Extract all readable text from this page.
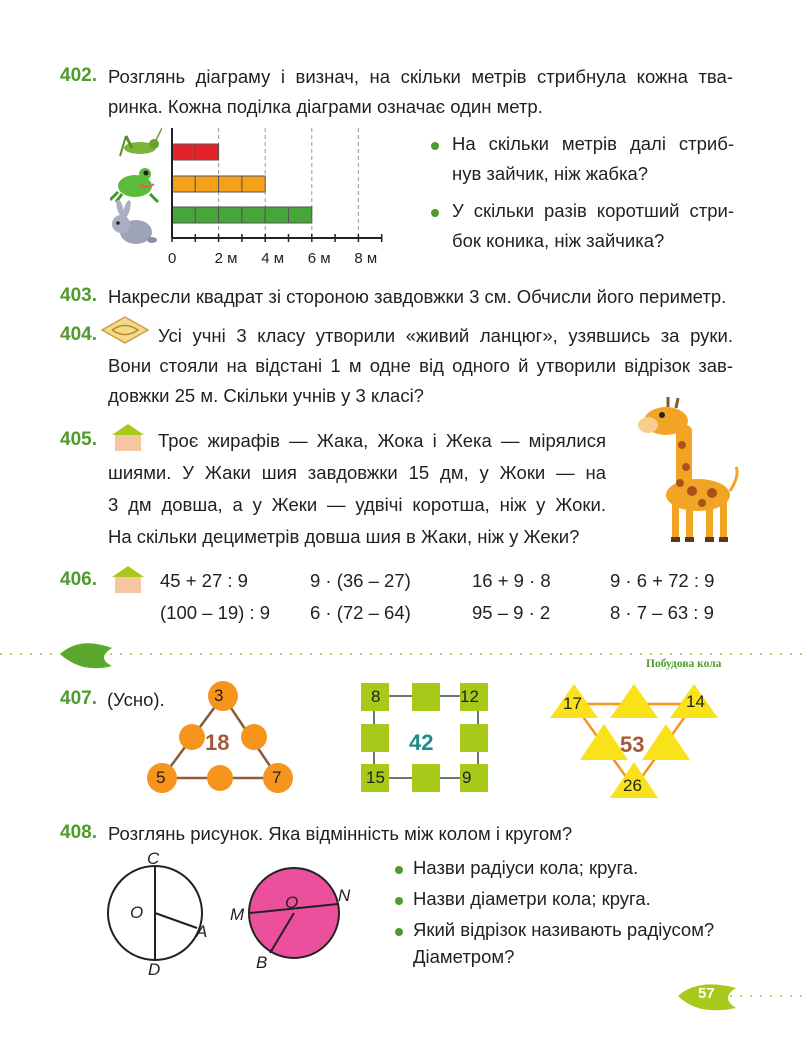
402. Розглянь діаграму і визнач, на скільки метрів стрибнула кожна тва-
ринка. Кожна поділка діаграми означає один метр.
0	2 м 4 м 6 м 8 м
На скільки метрів далі стриб-
нув зайчик, ніж жабка?
У скільки разів коротший стри-
бок коника, ніж зайчика?
403. Накресли квадрат зі стороною завдовжки 3 см. Обчисли його периметр.
404.	Усі учні 3 класу утворили «живий ланцюг», узявшись за руки.
Вони стояли на відстані 1 м одне від одного й утворили відрізок зав-
довжки 25 м. Скільки учнів у 3 класі?
405.	Троє жирафів — Жака, Жока і Жека — мірялися
шиями. У Жаки шия завдовжки 15 дм, у Жоки — на
3 дм довша, а у Жеки — удвічі коротша, ніж у Жоки.
На скільки дециметрів довша шия в Жаки, ніж у Жеки?
406.	45 + 27 : 9	9 · (36 – 27)	16 + 9 · 8	9 · 6 + 72 : 9
(100 – 19) : 9 6 · (72 – 64)	95 – 9 · 2	8 · 7 – 63 : 9
Побудова кола
407. (Усно).	3
5	7
18
8	12
15	9
42
17	14
26
53
408. Розглянь рисунок. Яка відмінність між колом і кругом?
C
O
A
D
M
O N
B
Назви радіуси кола; круга.
Назви діаметри кола; круга.
Який відрізок називають радіусом?
Діаметром?
57
